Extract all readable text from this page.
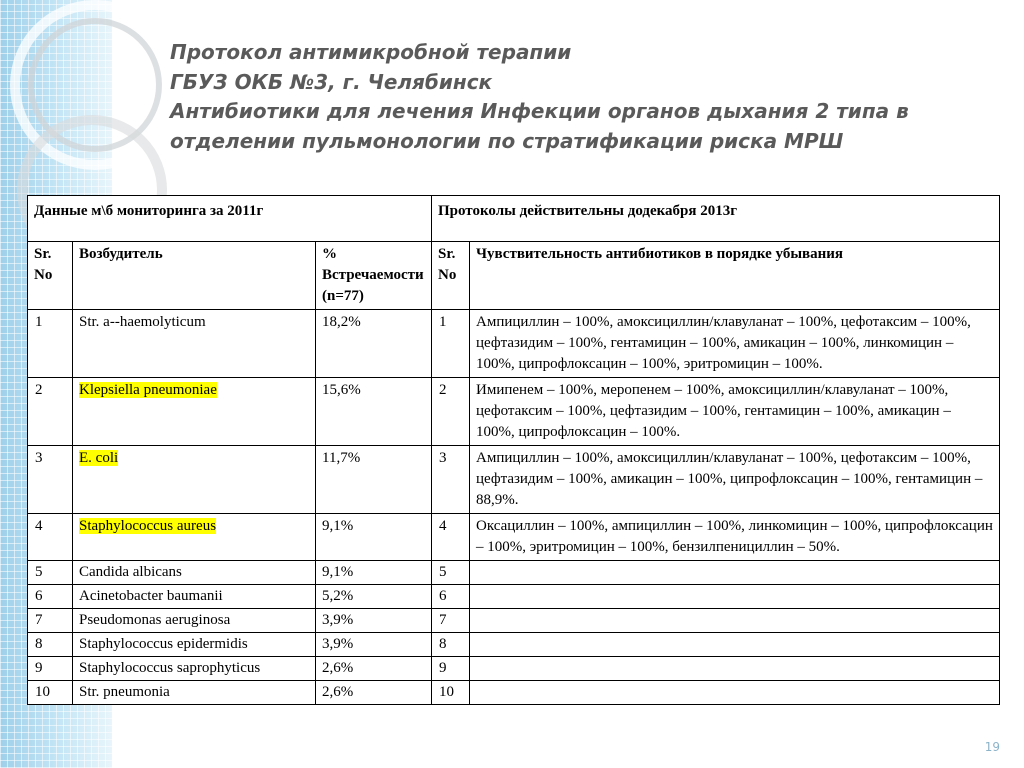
Протокол антимикробной терапии
ГБУЗ ОКБ №3, г. Челябинск
Антибиотики для лечения Инфекции органов дыхания 2 типа в
отделении пульмонологии по стратификации риска МРШ
Данные м\б мониторинга за 2011г			Протоколы действительны додекабря 2013г	
Sr. No	Возбудитель	% Встречаемости (n=77)	Sr. No	Чувствительность антибиотиков в порядке убывания
1	Str. a--haemolyticum	18,2%	1	Ампициллин – 100%, амоксициллин/клавуланат – 100%, цефотаксим – 100%, цефтазидим – 100%, гентамицин – 100%, амикацин – 100%, линкомицин – 100%, ципрофлоксацин – 100%, эритромицин – 100%.
2	Klepsiella pneumoniae	15,6%	2	Имипенем – 100%, меропенем – 100%, амоксициллин/клавуланат – 100%, цефотаксим – 100%, цефтазидим – 100%, гентамицин – 100%, амикацин – 100%, ципрофлоксацин – 100%.
3	E. coli	11,7%	3	Ампициллин – 100%, амоксициллин/клавуланат – 100%, цефотаксим – 100%, цефтазидим – 100%, амикацин – 100%, ципрофлоксацин – 100%, гентамицин – 88,9%.
4	Staphylococcus aureus	9,1%	4	Оксациллин – 100%, ампициллин – 100%, линкомицин – 100%, ципрофлоксацин – 100%, эритромицин – 100%, бензилпенициллин – 50%.
5	Candida albicans	9,1%	5	
6	Acinetobacter baumanii	5,2%	6	
7	Pseudomonas aeruginosa	3,9%	7	
8	Staphylococcus epidermidis	3,9%	8	
9	Staphylococcus saprophyticus	2,6%	9	
10	Str. pneumonia	2,6%	10	
19
